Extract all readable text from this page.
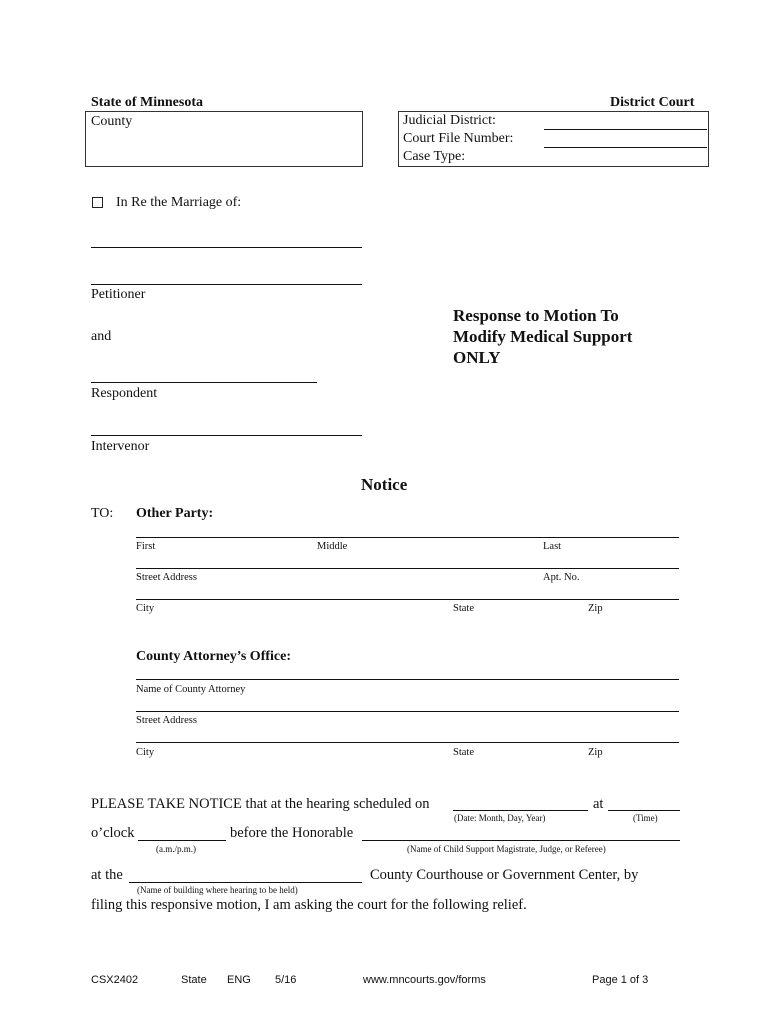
State of Minnesota	District Court
County	Judicial District:
Court File Number:
Case Type:
In Re the Marriage of:
Petitioner
and
Respondent
Intervenor
Response to Motion To
Modify Medical Support
ONLY
Notice
TO: Other Party:
First	Middle	Last
Street Address	Apt. No.
City	State	Zip
County Attorney’s Office:
Name of County Attorney
Street Address
City	State	Zip
PLEASE TAKE NOTICE that at the hearing scheduled on	at
(Date: Month, Day, Year)	(Time)
o’clock	before the Honorable
(a.m./p.m.)	(Name of Child Support Magistrate, Judge, or Referee)
at the	County Courthouse or Government Center, by
(Name of building where hearing to be held)
filing this responsive motion, I am asking the court for the following relief.
CSX2402	State ENG 5/16	www.mncourts.gov/forms	Page 1 of 3
